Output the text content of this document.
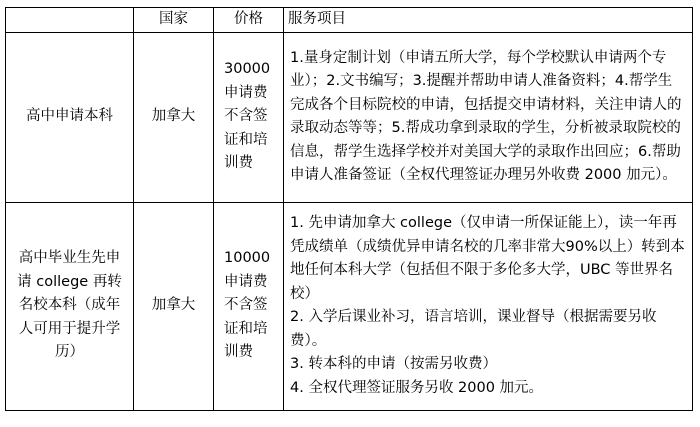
	国家	价格	服务项目
高中申请本科	加拿大	30000申请费不含签证和培训费	1.量身定制计划（申请五所大学，每个学校默认申请两个专业）；2.文书编写；3.提醒并帮助申请人准备资料；4.帮学生完成各个目标院校的申请，包括提交申请材料，关注申请人的录取动态等等；5.帮成功拿到录取的学生，分析被录取院校的信息，帮学生选择学校并对美国大学的录取作出回应；6.帮助申请人准备签证（全权代理签证办理另外收费 2000 加元）。

高中毕业生先申请 college 再转名校本科（成年人可用于提升学历）	加拿大	10000申请费不含签证和培训费	1. 先申请加拿大 college（仅申请一所保证能上），读一年再凭成绩单（成绩优异申请名校的几率非常大90%以上）转到本地任何本科大学（包括但不限于多伦多大学，UBC 等世界名校）
2. 入学后课业补习，语言培训，课业督导（根据需要另收费）。
3. 转本科的申请（按需另收费）
4. 全权代理签证服务另收 2000 加元。
